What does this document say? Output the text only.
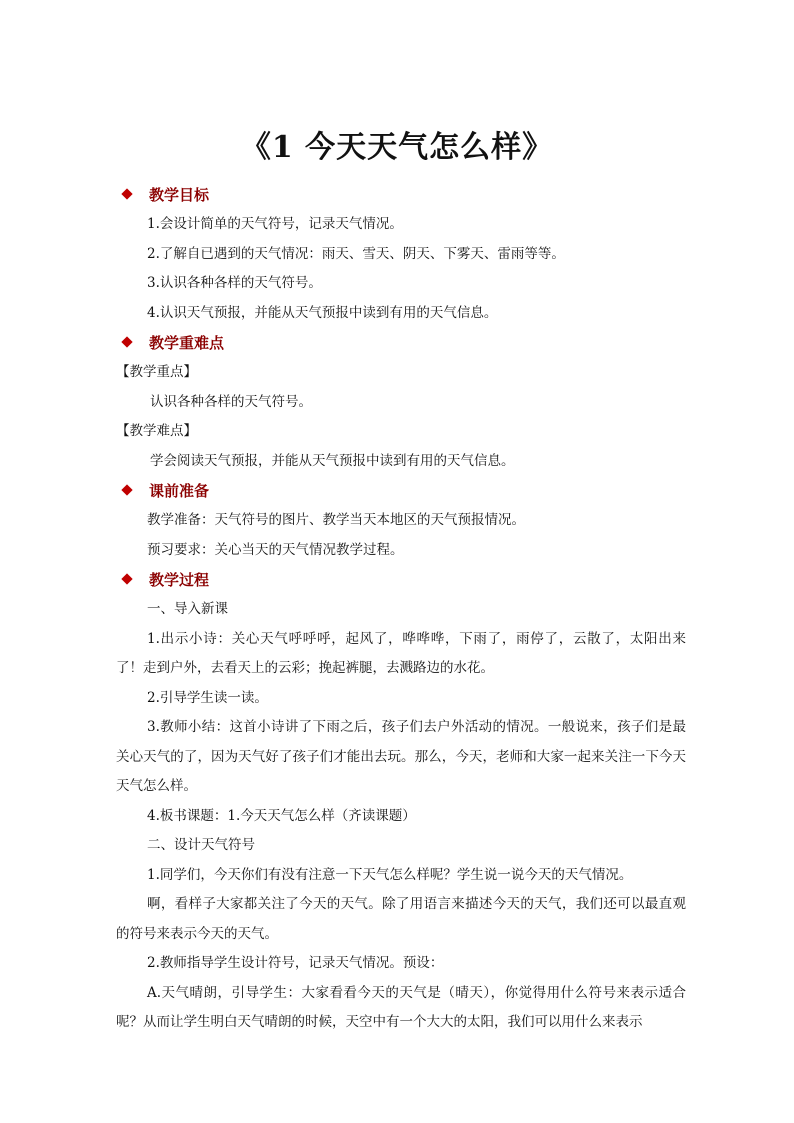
《1 今天天气怎么样》
教学目标

1.会设计简单的天气符号，记录天气情况。

2.了解自已遇到的天气情况：雨天、雪天、阴天、下雾天、雷雨等等。

3.认识各种各样的天气符号。

4.认识天气预报，并能从天气预报中读到有用的天气信息。

教学重难点

【教学重点】

认识各种各样的天气符号。

【教学难点】

学会阅读天气预报，并能从天气预报中读到有用的天气信息。

课前准备

教学准备：天气符号的图片、教学当天本地区的天气预报情况。

预习要求：关心当天的天气情况教学过程。

教学过程

一、导入新课

1.出示小诗：关心天气呼呼呼，起风了，哗哗哗，下雨了，雨停了，云散了，太阳出来了！走到户外，去看天上的云彩；挽起裤腿，去溅路边的水花。

2.引导学生读一读。

3.教师小结：这首小诗讲了下雨之后，孩子们去户外活动的情况。一般说来，孩子们是最关心天气的了，因为天气好了孩子们才能出去玩。那么，今天，老师和大家一起来关注一下今天天气怎么样。

4.板书课题：1.今天天气怎么样（齐读课题）

二、设计天气符号

1.同学们，今天你们有没有注意一下天气怎么样呢？学生说一说今天的天气情况。

啊，看样子大家都关注了今天的天气。除了用语言来描述今天的天气，我们还可以最直观的符号来表示今天的天气。

2.教师指导学生设计符号，记录天气情况。预设：

A.天气晴朗，引导学生：大家看看今天的天气是（晴天），你觉得用什么符号来表示适合呢？从而让学生明白天气晴朗的时候，天空中有一个大大的太阳，我们可以用什么来表示
